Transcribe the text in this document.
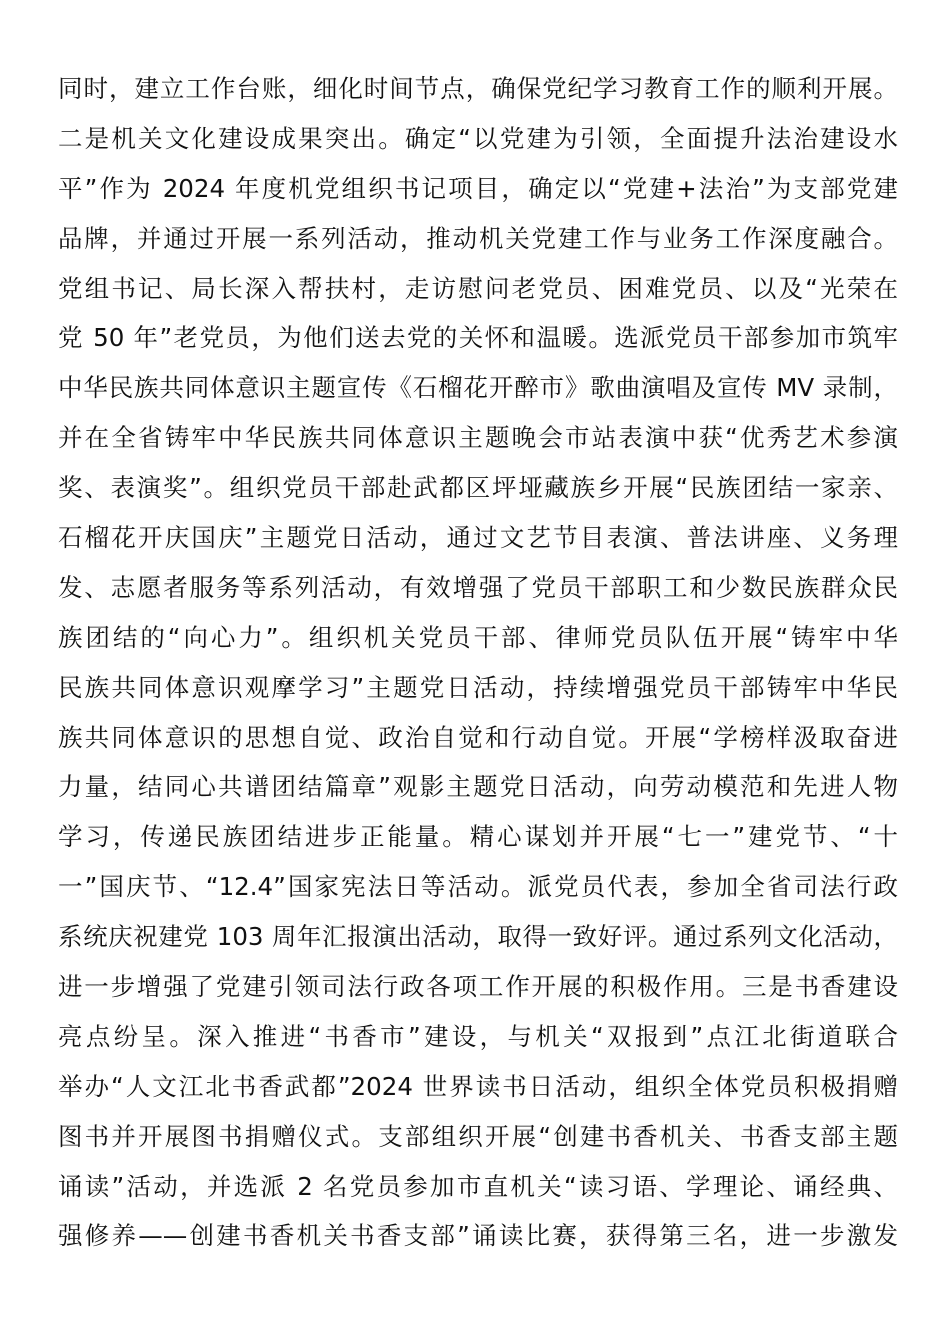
同时，建立工作台账，细化时间节点，确保党纪学习教育工作的顺利开展。
二是机关文化建设成果突出。确定“以党建为引领，全面提升法治建设水
平”作为 2024 年度机党组织书记项目，确定以“党建+法治”为支部党建
品牌，并通过开展一系列活动，推动机关党建工作与业务工作深度融合。
党组书记、局长深入帮扶村，走访慰问老党员、困难党员、以及“光荣在
党 50 年”老党员，为他们送去党的关怀和温暖。选派党员干部参加市筑牢
中华民族共同体意识主题宣传《石榴花开醉市》歌曲演唱及宣传 MV 录制，
并在全省铸牢中华民族共同体意识主题晚会市站表演中获“优秀艺术参演
奖、表演奖”。组织党员干部赴武都区坪垭藏族乡开展“民族团结一家亲、
石榴花开庆国庆”主题党日活动，通过文艺节目表演、普法讲座、义务理
发、志愿者服务等系列活动，有效增强了党员干部职工和少数民族群众民
族团结的“向心力”。组织机关党员干部、律师党员队伍开展“铸牢中华
民族共同体意识观摩学习”主题党日活动，持续增强党员干部铸牢中华民
族共同体意识的思想自觉、政治自觉和行动自觉。开展“学榜样汲取奋进
力量，结同心共谱团结篇章”观影主题党日活动，向劳动模范和先进人物
学习，传递民族团结进步正能量。精心谋划并开展“七一”建党节、“十
一”国庆节、“12.4”国家宪法日等活动。派党员代表，参加全省司法行政
系统庆祝建党 103 周年汇报演出活动，取得一致好评。通过系列文化活动，
进一步增强了党建引领司法行政各项工作开展的积极作用。三是书香建设
亮点纷呈。深入推进“书香市”建设，与机关“双报到”点江北街道联合
举办“人文江北书香武都”2024 世界读书日活动，组织全体党员积极捐赠
图书并开展图书捐赠仪式。支部组织开展“创建书香机关、书香支部主题
诵读”活动，并选派 2 名党员参加市直机关“读习语、学理论、诵经典、
强修养——创建书香机关书香支部”诵读比赛，获得第三名，进一步激发
